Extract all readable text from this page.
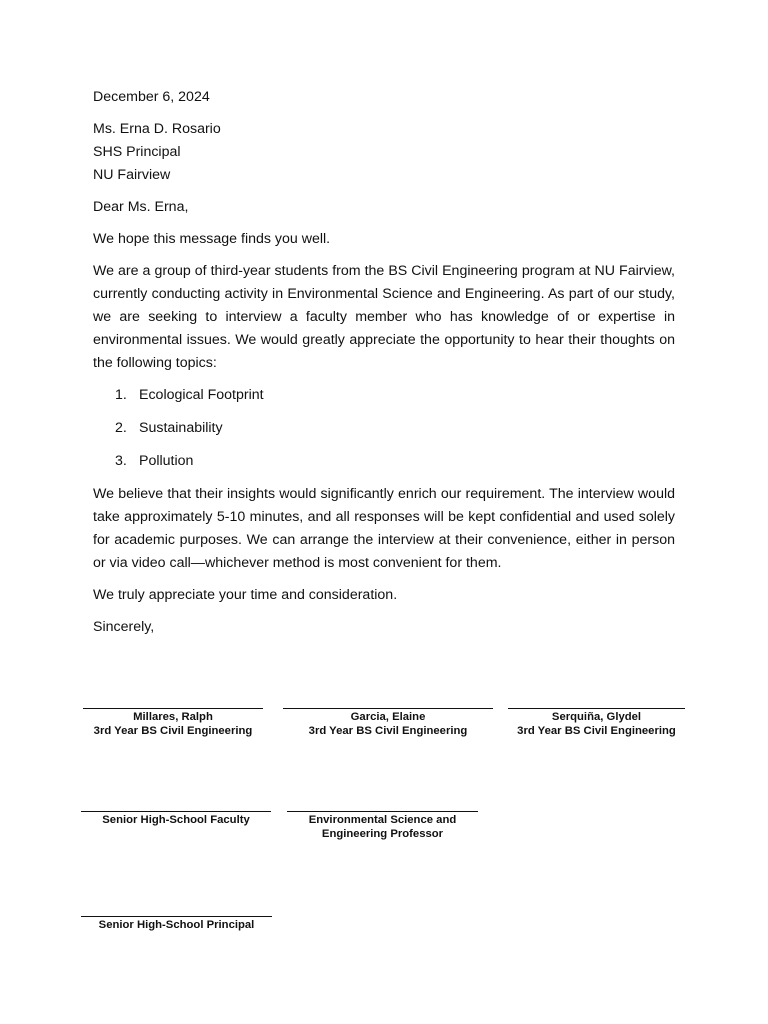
December 6, 2024

Ms. Erna D. Rosario
SHS Principal
NU Fairview

Dear Ms. Erna,

We hope this message finds you well.

We are a group of third-year students from the BS Civil Engineering program at NU Fairview, currently conducting activity in Environmental Science and Engineering. As part of our study, we are seeking to interview a faculty member who has knowledge of or expertise in environmental issues. We would greatly appreciate the opportunity to hear their thoughts on the following topics:

1. Ecological Footprint
2. Sustainability
3. Pollution

We believe that their insights would significantly enrich our requirement. The interview would take approximately 5-10 minutes, and all responses will be kept confidential and used solely for academic purposes. We can arrange the interview at their convenience, either in person or via video call—whichever method is most convenient for them.

We truly appreciate your time and consideration.

Sincerely,

Millares, Ralph
3rd Year BS Civil Engineering
Garcia, Elaine
3rd Year BS Civil Engineering
Serquiña, Glydel
3rd Year BS Civil Engineering
Senior High-School Faculty	Environmental Science and
Engineering Professor
Senior High-School Principal
